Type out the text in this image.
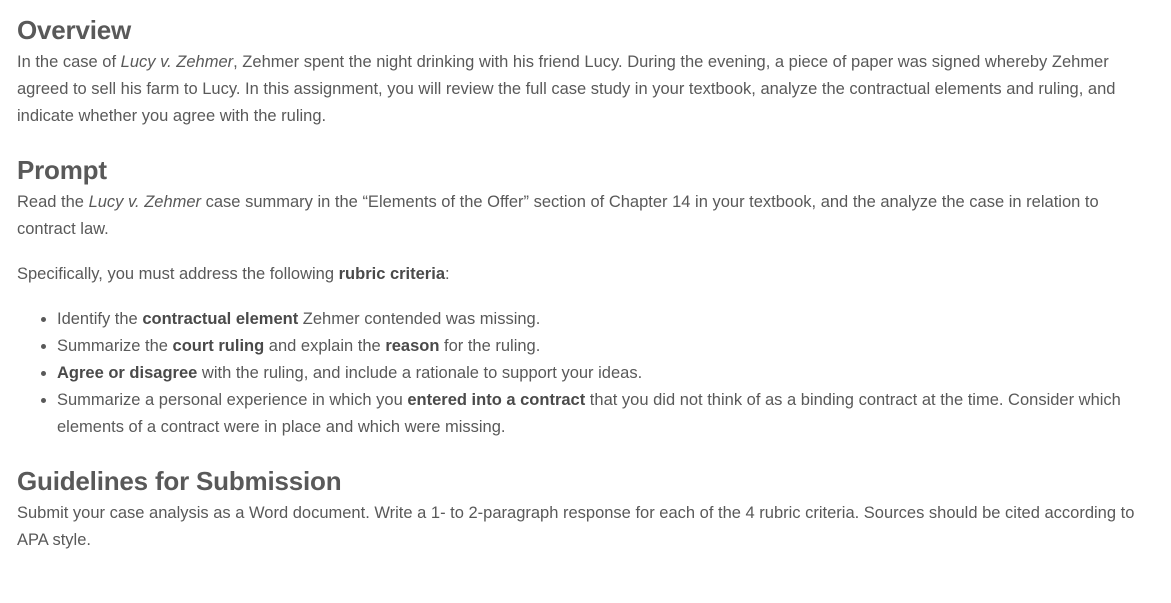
Overview

In the case of Lucy v. Zehmer, Zehmer spent the night drinking with his friend Lucy. During the evening, a piece of paper was signed whereby Zehmer agreed to sell his farm to Lucy. In this assignment, you will review the full case study in your textbook, analyze the contractual elements and ruling, and indicate whether you agree with the ruling.

Prompt

Read the Lucy v. Zehmer case summary in the “Elements of the Offer” section of Chapter 14 in your textbook, and the analyze the case in relation to contract law.

Specifically, you must address the following rubric criteria:

• Identify the contractual element Zehmer contended was missing.
• Summarize the court ruling and explain the reason for the ruling.
• Agree or disagree with the ruling, and include a rationale to support your ideas.
• Summarize a personal experience in which you entered into a contract that you did not think of as a binding contract at the time. Consider which elements of a contract were in place and which were missing.
Guidelines for Submission

Submit your case analysis as a Word document. Write a 1- to 2-paragraph response for each of the 4 rubric criteria. Sources should be cited according to APA style.
